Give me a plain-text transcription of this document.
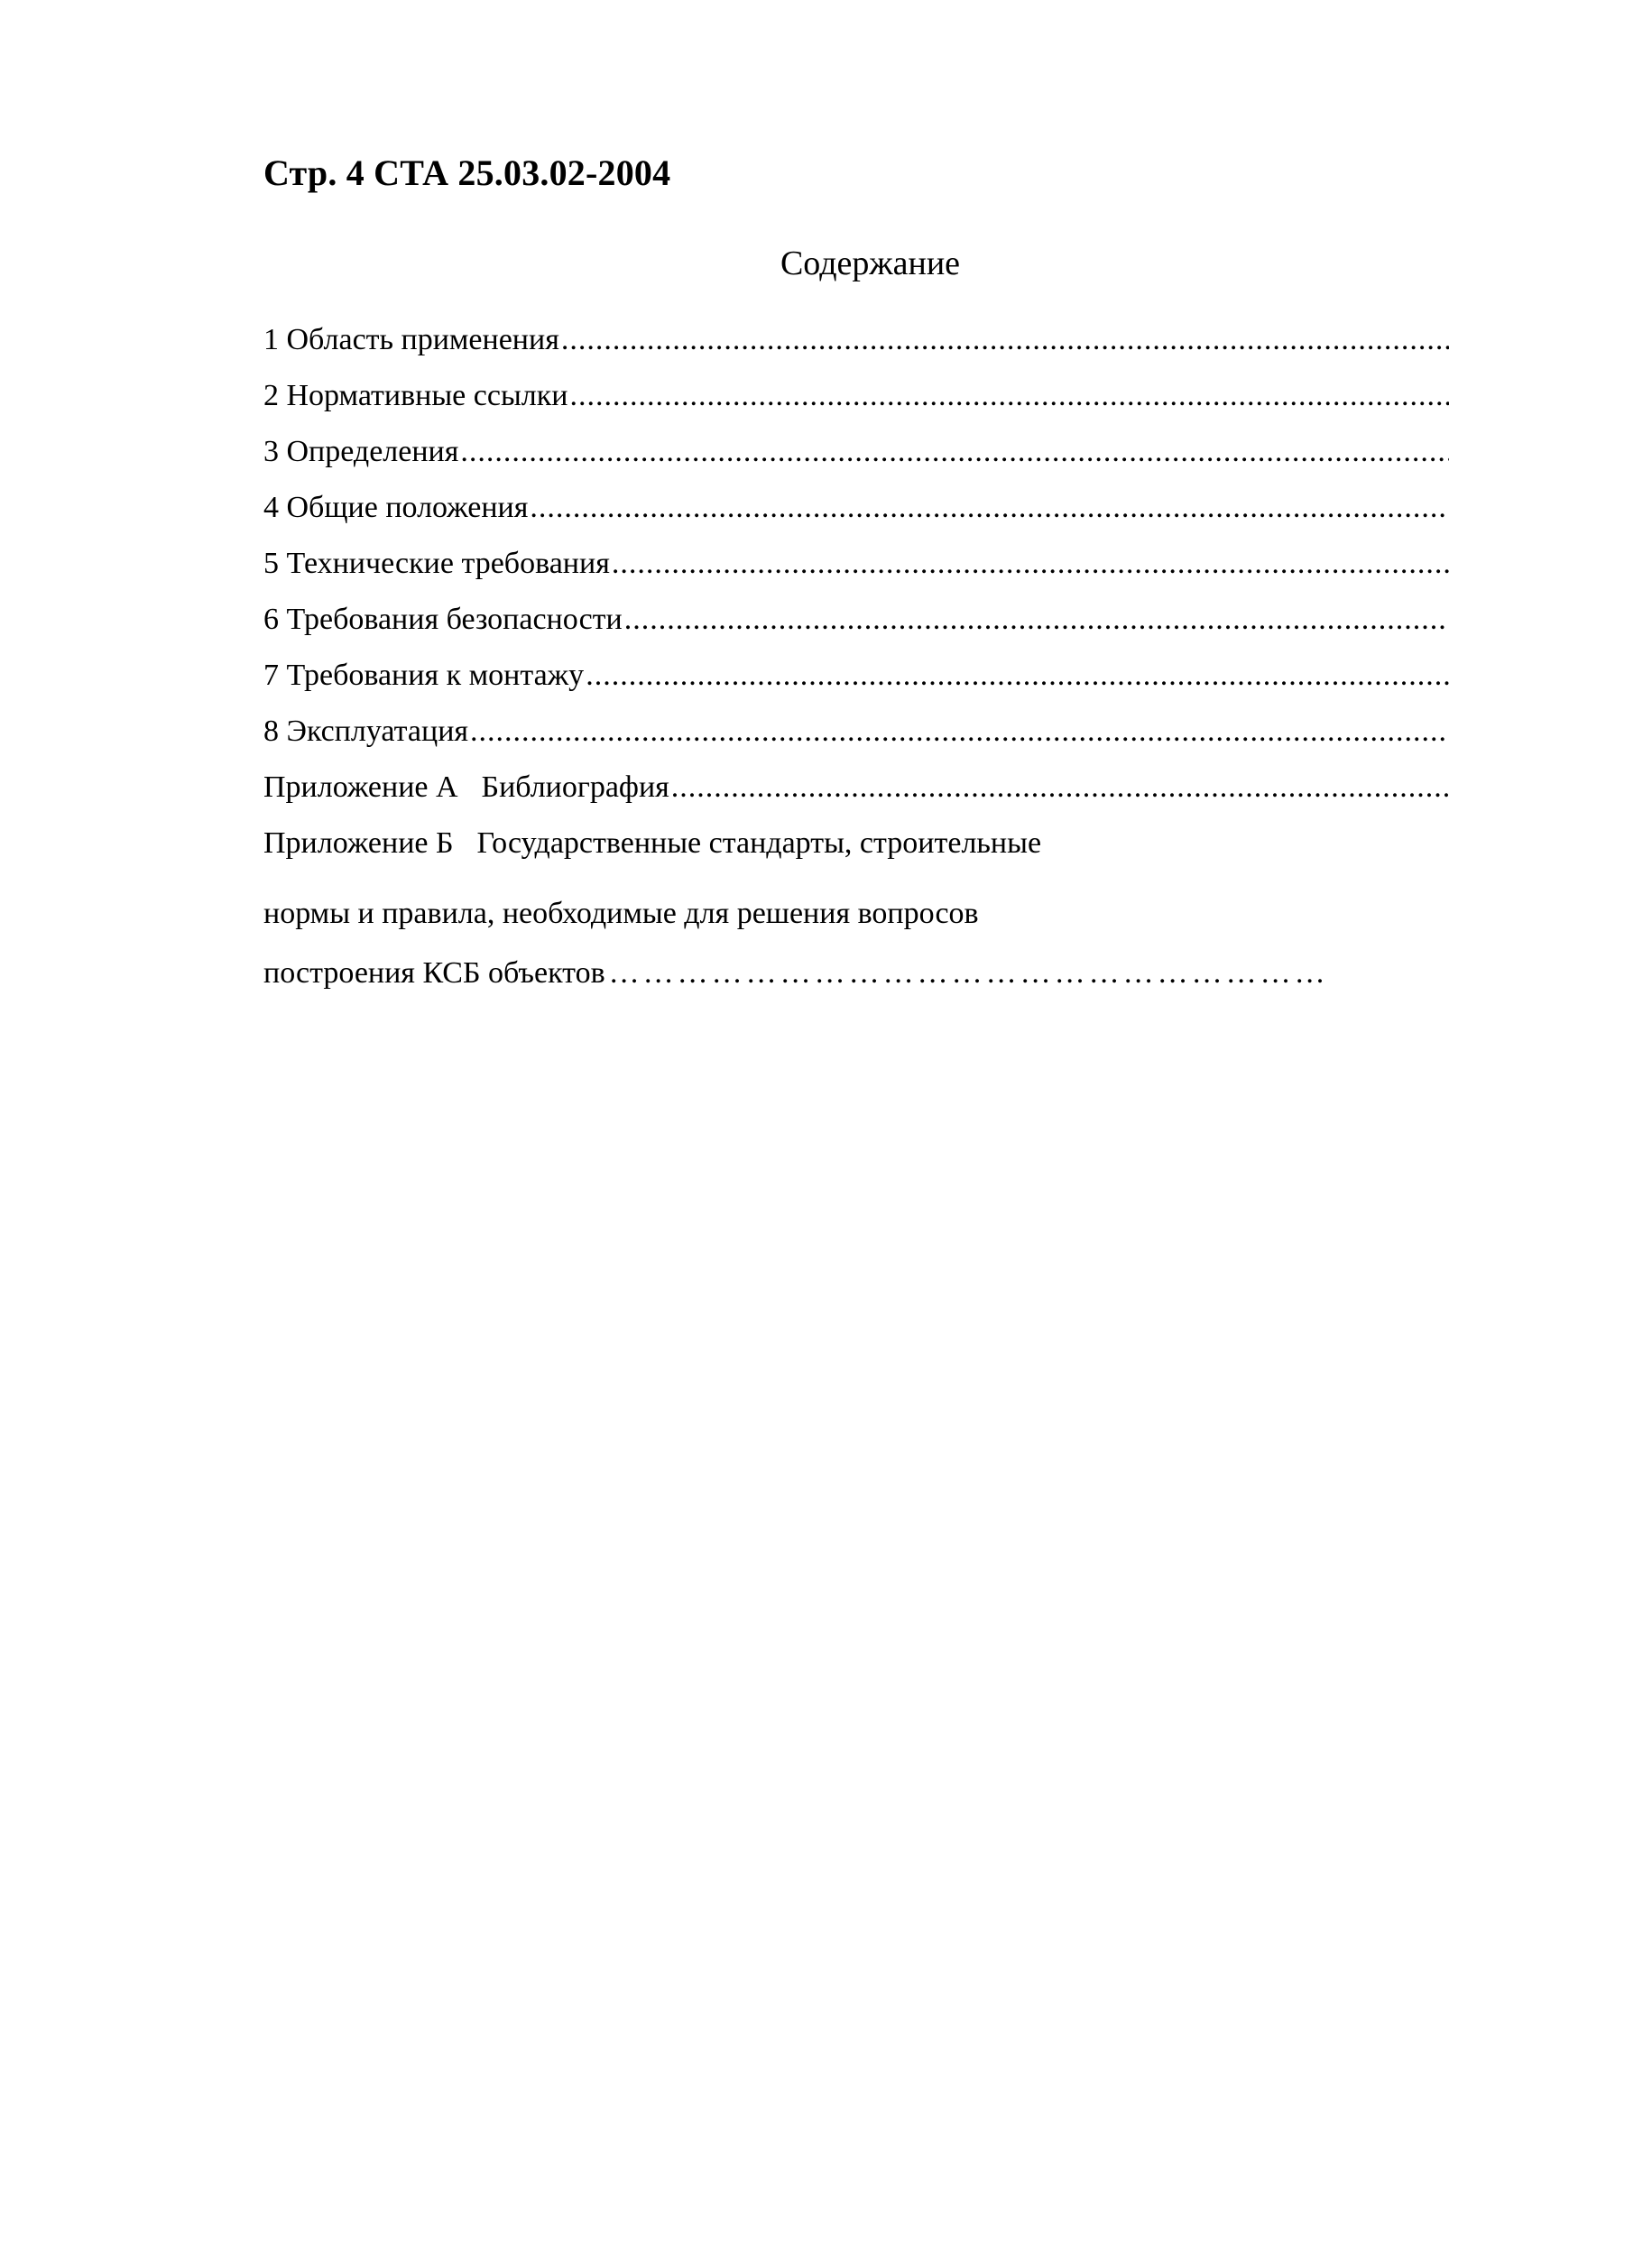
Стр. 4 СТА 25.03.02-2004
Содержание
1 Область применения
.....
2 Нормативные ссылки
.....
3 Определения
.....
4 Общие положения
.....
5 Технические требования
.....
6 Требования безопасности
.....
7 Требования к монтажу
.....
8 Эксплуатация
.....
Приложение А Библиография
.....
Приложение Б Государственные стандарты, строительные
нормы и правила, необходимые для решения вопросов
построения КСБ объектов
…………………………………………………………………………………………………………………………………
